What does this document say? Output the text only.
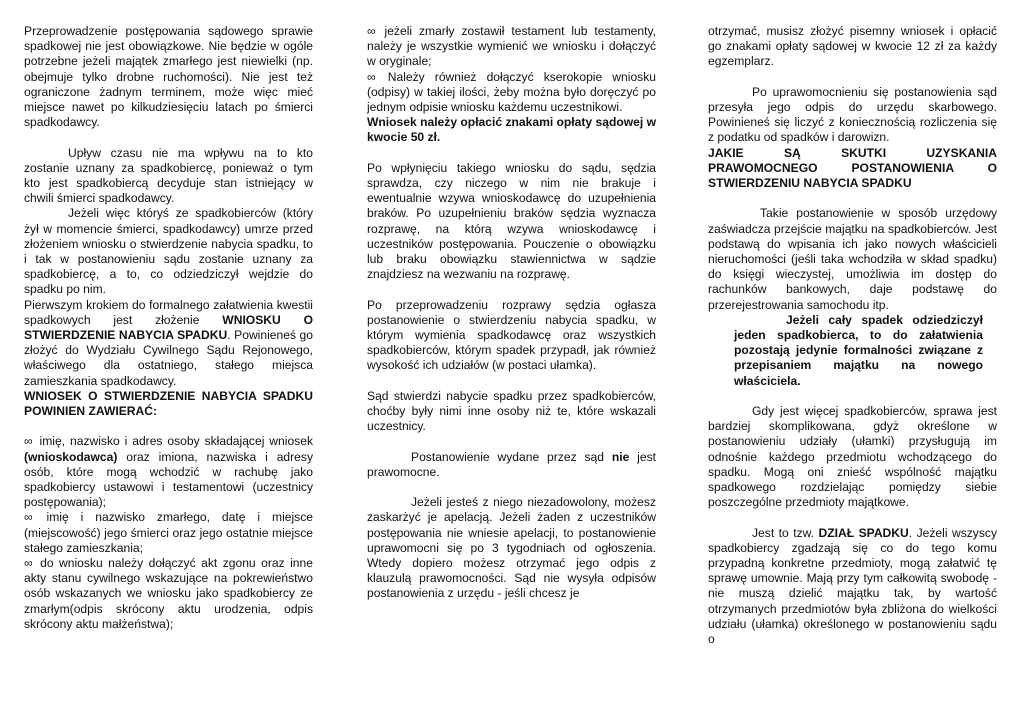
Przeprowadzenie postępowania sądowego sprawie spadkowej nie jest obowiązkowe. Nie będzie w ogóle potrzebne jeżeli majątek zmarłego jest niewielki (np. obejmuje tylko drobne ruchomości). Nie jest też ograniczone żadnym terminem, może więc mieć miejsce nawet po kilkudziesięciu latach po śmierci spadkodawcy.

Upływ czasu nie ma wpływu na to kto zostanie uznany za spadkobiercę, ponieważ o tym kto jest spadkobiercą decyduje stan istniejący w chwili śmierci spadkodawcy.

Jeżeli więc któryś ze spadkobierców (który żył w momencie śmierci, spadkodawcy) umrze przed złożeniem wniosku o stwierdzenie nabycia spadku, to i tak w postanowieniu sądu zostanie uznany za spadkobiercę, a to, co odziedziczył wejdzie do spadku po nim.

Pierwszym krokiem do formalnego załatwienia kwestii spadkowych jest złożenie WNIOSKU O STWIERDZENIE NABYCIA SPADKU. Powinieneś go złożyć do Wydziału Cywilnego Sądu Rejonowego, właściwego dla ostatniego, stałego miejsca zamieszkania spadkodawcy.

WNIOSEK O STWIERDZENIE NABYCIA SPADKU POWINIEN ZAWIERAĆ:

∞ imię, nazwisko i adres osoby składającej wniosek (wnioskodawca) oraz imiona, nazwiska i adresy osób, które mogą wchodzić w rachubę jako spadkobiercy ustawowi i testamentowi (uczestnicy postępowania);

∞ imię i nazwisko zmarłego, datę i miejsce (miejscowość) jego śmierci oraz jego ostatnie miejsce stałego zamieszkania;

∞ do wniosku należy dołączyć akt zgonu oraz inne akty stanu cywilnego wskazujące na pokrewieństwo osób wskazanych we wniosku jako spadkobiercy ze zmarłym(odpis skrócony aktu urodzenia, odpis skrócony aktu małżeństwa);

∞ jeżeli zmarły zostawił testament lub testamenty, należy je wszystkie wymienić we wniosku i dołączyć w oryginale;

∞ Należy również dołączyć kserokopie wniosku (odpisy) w takiej ilości, żeby można było doręczyć po jednym odpisie wniosku każdemu uczestnikowi.

Wniosek należy opłacić znakami opłaty sądowej w kwocie 50 zł.

Po wpłynięciu takiego wniosku do sądu, sędzia sprawdza, czy niczego w nim nie brakuje i ewentualnie wzywa wnioskodawcę do uzupełnienia braków. Po uzupełnieniu braków sędzia wyznacza rozprawę, na którą wzywa wnioskodawcę i uczestników postępowania. Pouczenie o obowiązku lub braku obowiązku stawiennictwa w sądzie znajdziesz na wezwaniu na rozprawę.

Po przeprowadzeniu rozprawy sędzia ogłasza postanowienie o stwierdzeniu nabycia spadku, w którym wymienia spadkodawcę oraz wszystkich spadkobierców, którym spadek przypadł, jak również wysokość ich udziałów (w postaci ułamka).

Sąd stwierdzi nabycie spadku przez spadkobierców, choćby były nimi inne osoby niż te, które wskazali uczestnicy.

Postanowienie wydane przez sąd nie jest prawomocne.

Jeżeli jesteś z niego niezadowolony, możesz zaskarżyć je apelacją. Jeżeli żaden z uczestników postępowania nie wniesie apelacji, to postanowienie uprawomocni się po 3 tygodniach od ogłoszenia. Wtedy dopiero możesz otrzymać jego odpis z klauzulą prawomocności. Sąd nie wysyła odpisów postanowienia z urzędu - jeśli chcesz je

otrzymać, musisz złożyć pisemny wniosek i opłacić go znakami opłaty sądowej w kwocie 12 zł za każdy egzemplarz.

Po uprawomocnieniu się postanowienia sąd przesyła jego odpis do urzędu skarbowego. Powinieneś się liczyć z koniecznością rozliczenia się z podatku od spadków i darowizn.

JAKIE SĄ SKUTKI UZYSKANIA PRAWOMOCNEGO POSTANOWIENIA O STWIERDZENIU NABYCIA SPADKU

Takie postanowienie w sposób urzędowy zaświadcza przejście majątku na spadkobierców. Jest podstawą do wpisania ich jako nowych właścicieli nieruchomości (jeśli taka wchodziła w skład spadku) do księgi wieczystej, umożliwia im dostęp do rachunków bankowych, daje podstawę do przerejestrowania samochodu itp.

Jeżeli cały spadek odziedziczył jeden spadkobierca, to do załatwienia pozostają jedynie formalności związane z przepisaniem majątku na nowego właściciela.

Gdy jest więcej spadkobierców, sprawa jest bardziej skomplikowana, gdyż określone w postanowieniu udziały (ułamki) przysługują im odnośnie każdego przedmiotu wchodzącego do spadku. Mogą oni znieść wspólność majątku spadkowego rozdzielając pomiędzy siebie poszczególne przedmioty majątkowe.

Jest to tzw. DZIAŁ SPADKU. Jeżeli wszyscy spadkobiercy zgadzają się co do tego komu przypadną konkretne przedmioty, mogą załatwić tę sprawę umownie. Mają przy tym całkowitą swobodę - nie muszą dzielić majątku tak, by wartość otrzymanych przedmiotów była zbliżona do wielkości udziału (ułamka) określonego w postanowieniu sądu o
